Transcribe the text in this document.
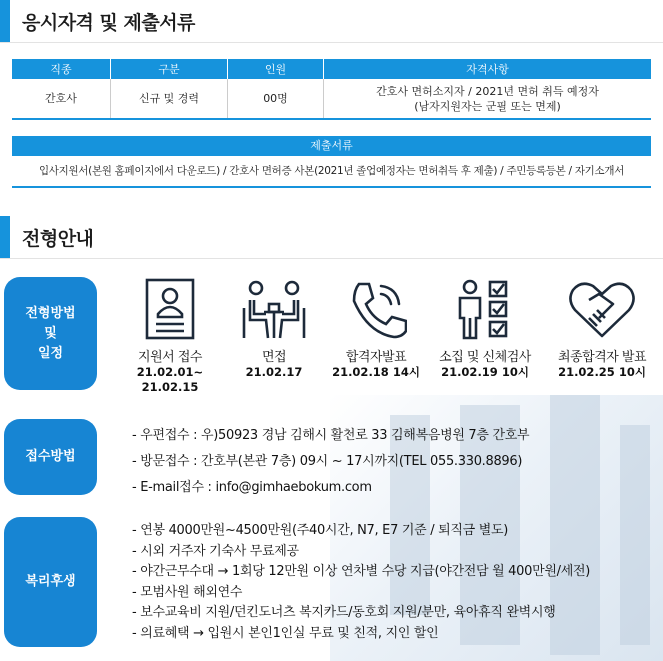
응시자격 및 제출서류
직종	구분	인원	자격사항
간호사	신규 및 경력	00명	간호사 면허소지자 / 2021년 면허 취득 예정자
(남자지원자는 군필 또는 면제)
제출서류
입사지원서(본원 홈페이지에서 다운로드) / 간호사 면허증 사본(2021년 졸업예정자는 면허취득 후 제출) / 주민등록등본 / 자기소개서
전형안내
전형방법
및
일정	지원서 접수
21.02.01~
21.02.15
면접
21.02.17
합격자발표
21.02.18 14시
소집 및 신체검사
21.02.19 10시
최종합격자 발표
21.02.25 10시
접수방법
- 우편접수 : 우)50923 경남 김해시 활천로 33 김해복음병원 7층 간호부
- 방문접수 : 간호부(본관 7층) 09시 ~ 17시까지(TEL 055.330.8896)
- E-mail접수 : info@gimhaebokum.com
복리후생
- 연봉 4000만원~4500만원(주40시간, N7, E7 기준 / 퇴직금 별도)
- 시외 거주자 기숙사 무료제공
- 야간근무수대 → 1회당 12만원 이상 연차별 수당 지급(야간전담 월 400만원/세전)
- 모범사원 해외연수
- 보수교육비 지원/던킨도너츠 복지카드/동호회 지원/분만, 육아휴직 완벽시행
- 의료혜택 → 입원시 본인1인실 무료 및 친적, 지인 할인
